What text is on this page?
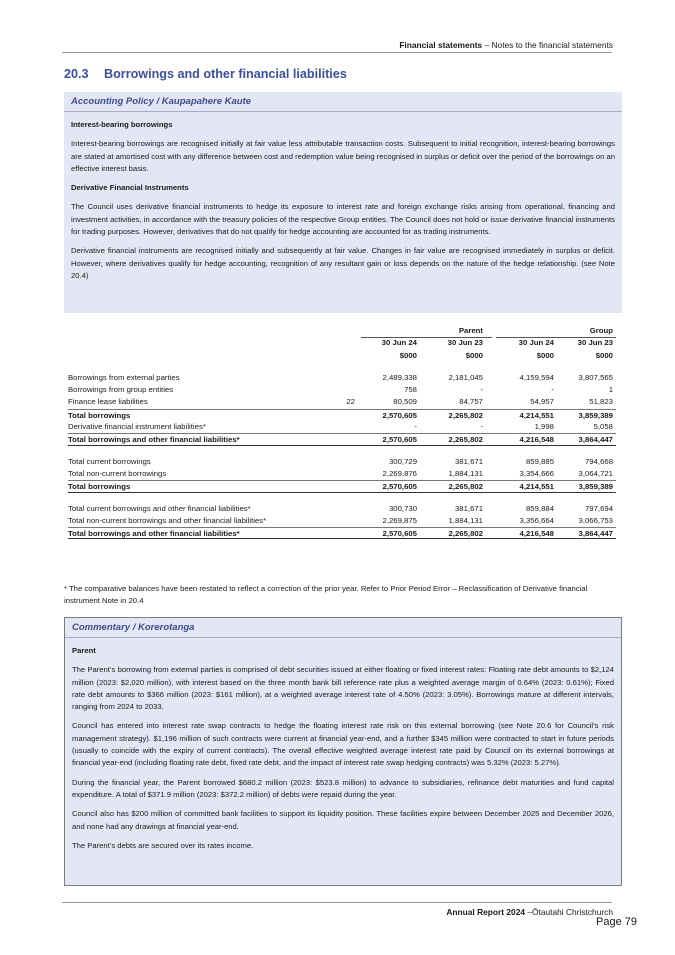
Financial statements – Notes to the financial statements
20.3 Borrowings and other financial liabilities
Accounting Policy / Kaupapahere Kaute
Interest-bearing borrowings

Interest-bearing borrowings are recognised initially at fair value less attributable transaction costs. Subsequent to initial recognition, interest-bearing borrowings are stated at amortised cost with any difference between cost and redemption value being recognised in surplus or deficit over the period of the borrowings on an effective interest basis.

Derivative Financial Instruments

The Council uses derivative financial instruments to hedge its exposure to interest rate and foreign exchange risks arising from operational, financing and investment activities, in accordance with the treasury policies of the respective Group entities. The Council does not hold or issue derivative financial instruments for trading purposes. However, derivatives that do not qualify for hedge accounting are accounted for as trading instruments.

Derivative financial instruments are recognised initially and subsequently at fair value. Changes in fair value are recognised immediately in surplus or deficit. However, where derivatives qualify for hedge accounting, recognition of any resultant gain or loss depends on the nature of the hedge relationship. (see Note 20.4)

Parent	Group
30 Jun 24	30 Jun 23	30 Jun 24	30 Jun 23
$000	$000	$000	$000
Borrowings from external parties	2,489,338	2,181,045	4,159,594	3,807,565
Borrowings from group entities	758	-	-	1
Finance lease liabilities	22	80,509	84,757	54,957	51,823
Total borrowings	2,570,605	2,265,802	4,214,551	3,859,389
Derivative financial instrument liabilities*	-	-	1,998	5,058
Total borrowings and other financial liabilities*	2,570,605	2,265,802	4,216,548	3,864,447
Total current borrowings	300,729	381,671	859,885	794,668
Total non-current borrowings	2,269,876	1,884,131	3,354,666	3,064,721
Total borrowings	2,570,605	2,265,802	4,214,551	3,859,389
Total current borrowings and other financial liabilities*	300,730	381,671	859,884	797,694
Total non-current borrowings and other financial liabilities*	2,269,875	1,884,131	3,356,664	3,066,753
Total borrowings and other financial liabilities*	2,570,605	2,265,802	4,216,548	3,864,447
* The comparative balances have been restated to reflect a correction of the prior year. Refer to Prior Period Error – Reclassification of Derivative financial instrument Note in 20.4
Commentary / Korerotanga
Parent

The Parent’s borrowing from external parties is comprised of debt securities issued at either floating or fixed interest rates: Floating rate debt amounts to $2,124 million (2023: $2,020 million), with interest based on the three month bank bill reference rate plus a weighted average margin of 0.64% (2023: 0.61%); Fixed rate debt amounts to $366 million (2023: $161 million), at a weighted average interest rate of 4.50% (2023: 3.05%). Borrowings mature at different intervals, ranging from 2024 to 2033.

Council has entered into interest rate swap contracts to hedge the floating interest rate risk on this external borrowing (see Note 20.6 for Council’s risk management strategy). $1,196 million of such contracts were current at financial year-end, and a further $345 million were contracted to start in future periods (usually to coincide with the expiry of current contracts). The overall effective weighted average interest rate paid by Council on its external borrowings at financial year-end (including floating rate debt, fixed rate debt, and the impact of interest rate swap hedging contracts) was 5.32% (2023: 5.27%).

During the financial year, the Parent borrowed $680.2 million (2023: $523.8 million) to advance to subsidiaries, refinance debt maturities and fund capital expenditure. A total of $371.9 million (2023: $372.2 million) of debts were repaid during the year.

Council also has $200 million of committed bank facilities to support its liquidity position. These facilities expire between December 2025 and December 2026, and none had any drawings at financial year-end.

The Parent’s debts are secured over its rates income.

Annual Report 2024 –Ōtautahi Christchurch
Page 79
